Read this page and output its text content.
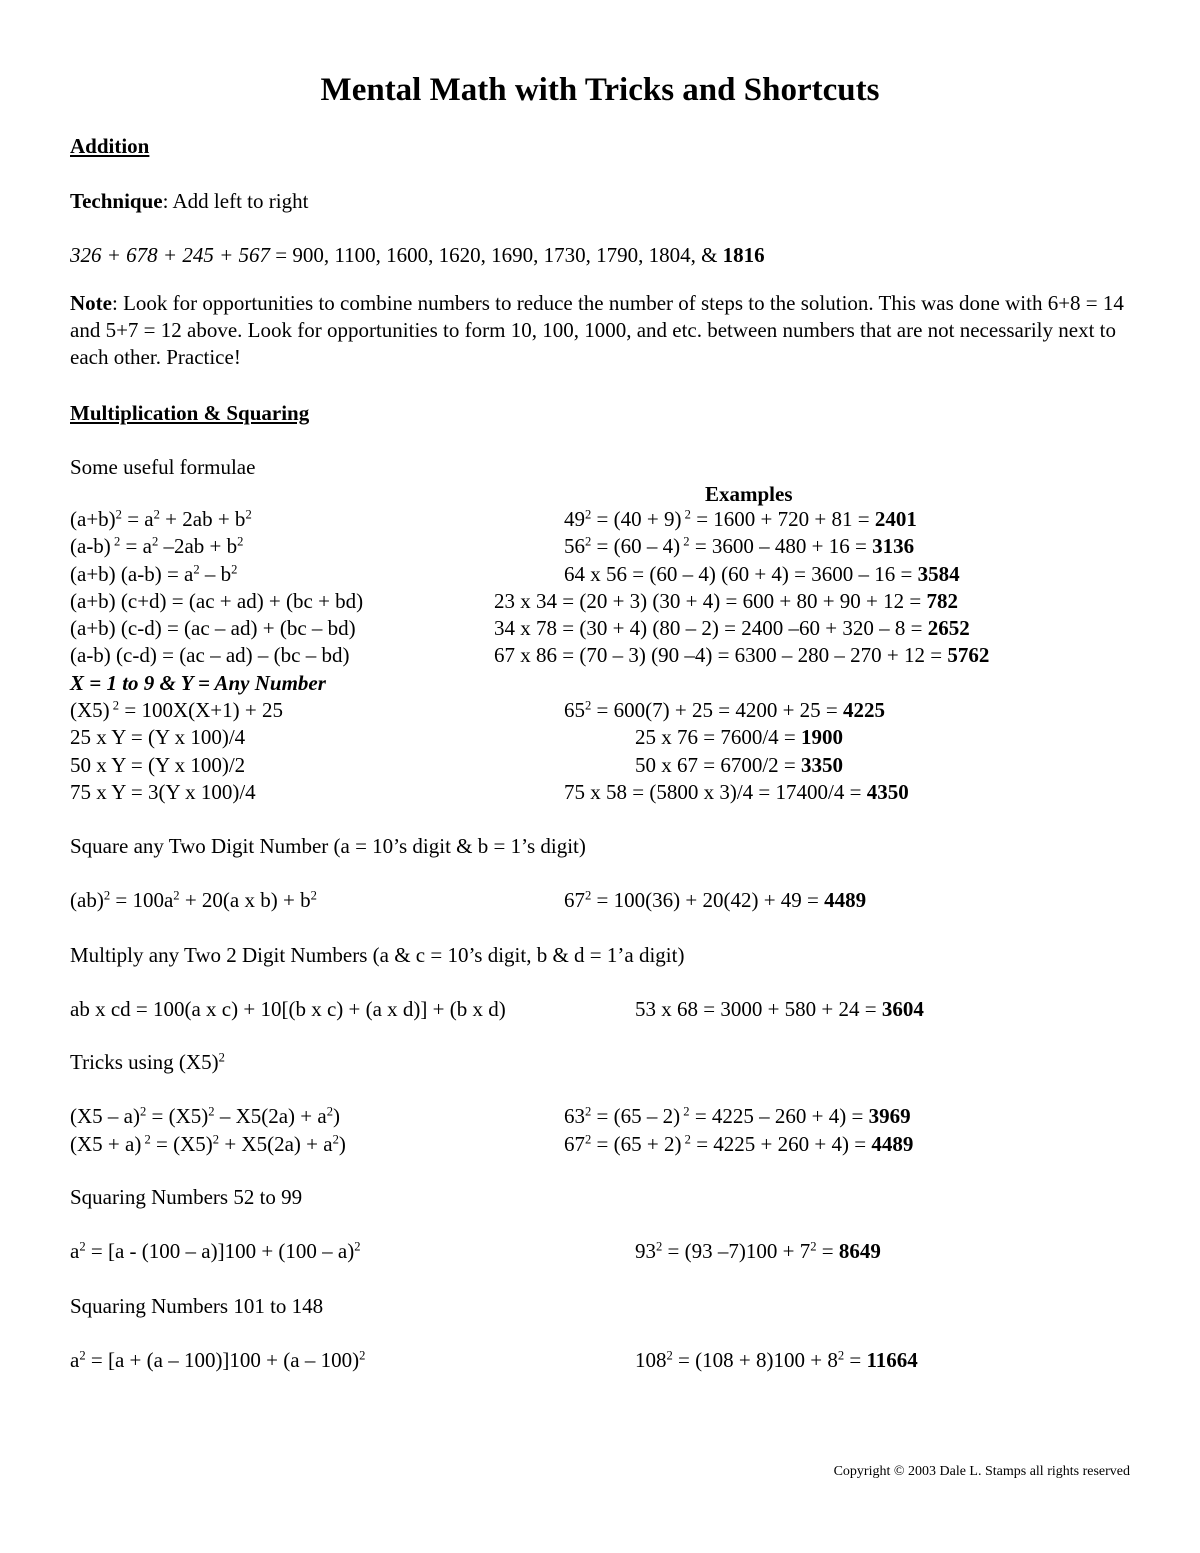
Mental Math with Tricks and Shortcuts
Addition
Technique: Add left to right
326 + 678 + 245 + 567 = 900, 1100, 1600, 1620, 1690, 1730, 1790, 1804, & 1816
Note: Look for opportunities to combine numbers to reduce the number of steps to the solution. This was done with 6+8 = 14 and 5+7 = 12 above. Look for opportunities to form 10, 100, 1000, and etc. between numbers that are not necessarily next to each other. Practice!
Multiplication & Squaring
Some useful formulae
Examples
$(a+b)^2 = a^2 + 2ab + b^2$	$49^2 = (40 + 9) ^2 = 1600 + 720 + 81 = 2401$
(a-b) $^2 = a^2$ $-2ab + b^2$	$56^2 = (60 - 4) ^2 = 3600 - 480 + 16 = 3136$
(a+b) $(a-b) = a^2 - b^2$	64 x 56 = (60 – 4) (60 + 4) = 3600 – 16 = 3584
(a+b) (c+d) = (ac + ad) + (bc + bd)	23 x 34 = (20 + 3) (30 + 4) = 600 + 80 + 90 + 12 = 782
(a+b) (c-d) = (ac – ad) + (bc – bd)	34 x 78 = (30 + 4) (80 – 2) = 2400 –60 + 320 – 8 = 2652
(a-b) (c-d) = (ac – ad) – (bc – bd)	67 x 86 = (70 – 3) (90 –4) = 6300 – 280 – 270 + 12 = 5762
X = 1 to 9 & Y = Any Number
(X5) $^2$ = 100X(X+1) + 25	$65^2 = 600(7) + 25 = 4200 + 25 = 4225$
25 x Y = (Y x 100)/4	25 x 76 = 7600/4 = 1900
50 x Y = (Y x 100)/2	50 x 67 = 6700/2 = 3350
75 x Y = 3(Y x 100)/4	75 x 58 = (5800 x 3)/4 = 17400/4 = 4350
Square any Two Digit Number (a = 10’s digit & b = 1’s digit)
$(ab)^2 = 100a^2 + 20(a$ x $b) + b^2$	$67^2 = 100(36) + 20(42) + 49 = 4489$
Multiply any Two 2 Digit Numbers (a & c = 10’s digit, b & d = 1’a digit)
ab x cd = 100(a x c) + 10[(b x c) + (a x d)] + (b x d)	53 x 68 = 3000 + 580 + 24 = 3604
Tricks using $(X5)^2$
$(X5 - a)^2 = (X5)^2 - X5(2a) + a^2$)	$63^2 = (65 - 2) ^2 = 4225 - 260 + 4) = 3969$
(X5 + a) $^2 = (X5)^2 + X5(2a) + a^2$)	$67^2 = (65 + 2) ^2 = 4225 + 260 + 4) = 4489$
Squaring Numbers 52 to 99
$a^2 = [a - (100 - a)]100 + (100 - a)^2$	$93^2 = (93$ $-7)100 + 7^2 = 8649$
Squaring Numbers 101 to 148
$a^2 = [a + (a - 100)]100 + (a - 100)^2$	$108^2 = (108 + 8)100 + 8^2 = 11664$
Copyright © 2003 Dale L. Stamps all rights reserved
